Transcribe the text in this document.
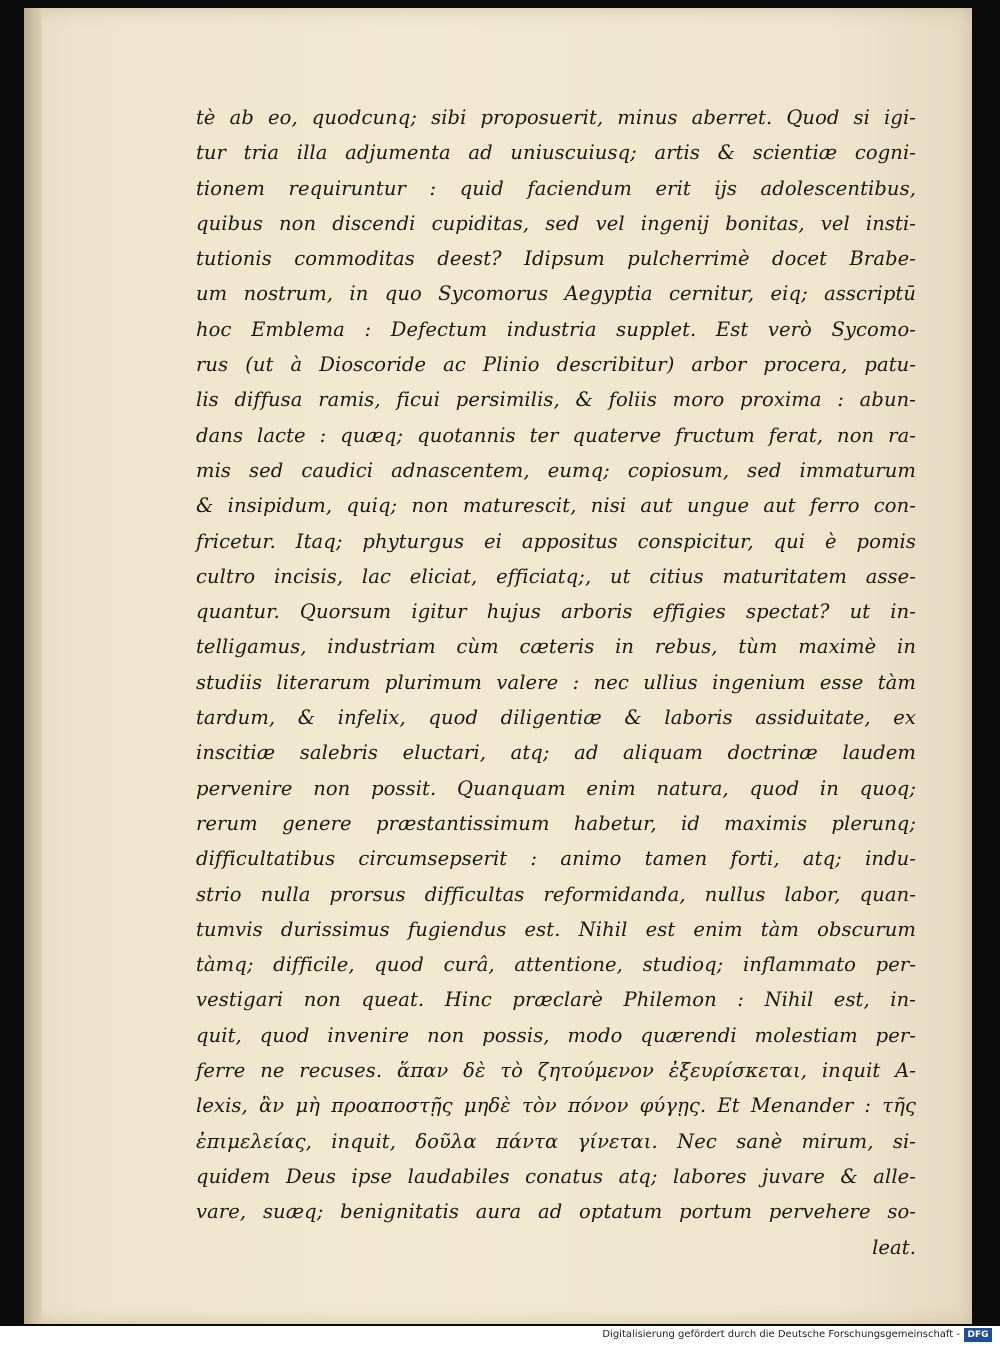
tè ab eo, quodcunq; sibi proposuerit, minus aberret. Quod si igi-
tur tria illa adjumenta ad uniuscuiusq; artis & scientiæ cogni-
tionem requiruntur : quid faciendum erit ijs adolescentibus,
quibus non discendi cupiditas, sed vel ingenij bonitas, vel insti-
tutionis commoditas deest? Idipsum pulcherrimè docet Brabe-
um nostrum, in quo Sycomorus Aegyptia cernitur, eiq; asscriptū
hoc Emblema : Defectum industria supplet. Est verò Sycomo-
rus (ut à Dioscoride ac Plinio describitur) arbor procera, patu-
lis diffusa ramis, ficui persimilis, & foliis moro proxima : abun-
dans lacte : quæq; quotannis ter quaterve fructum ferat, non ra-
mis sed caudici adnascentem, eumq; copiosum, sed immaturum
& insipidum, quiq; non maturescit, nisi aut ungue aut ferro con-
fricetur. Itaq; phyturgus ei appositus conspicitur, qui è pomis
cultro incisis, lac eliciat, efficiatq;, ut citius maturitatem asse-
quantur. Quorsum igitur hujus arboris effigies spectat? ut in-
telligamus, industriam cùm cæteris in rebus, tùm maximè in
studiis literarum plurimum valere : nec ullius ingenium esse tàm
tardum, & infelix, quod diligentiæ & laboris assiduitate, ex
inscitiæ salebris eluctari, atq; ad aliquam doctrinæ laudem
pervenire non possit. Quanquam enim natura, quod in quoq;
rerum genere præstantissimum habetur, id maximis plerunq;
difficultatibus circumsepserit : animo tamen forti, atq; indu-
strio nulla prorsus difficultas reformidanda, nullus labor, quan-
tumvis durissimus fugiendus est. Nihil est enim tàm obscurum
tàmq; difficile, quod curâ, attentione, studioq; inflammato per-
vestigari non queat. Hinc præclarè Philemon : Nihil est, in-
quit, quod invenire non possis, modo quærendi molestiam per-
ferre ne recuses. ἅπαν δὲ τὸ ζητούμενον ἐξευρίσκεται, inquit A-
lexis, ἂν μὴ προαποστῇς μηδὲ τὸν πόνον φύγῃς. Et Menander : τῆς
ἐπιμελείας, inquit, δοῦλα πάντα γίνεται. Nec sanè mirum, si-
quidem Deus ipse laudabiles conatus atq; labores juvare & alle-
vare, suæq; benignitatis aura ad optatum portum pervehere so-
leat.
Digitalisierung gefördert durch die Deutsche Forschungsgemeinschaft - DFG
